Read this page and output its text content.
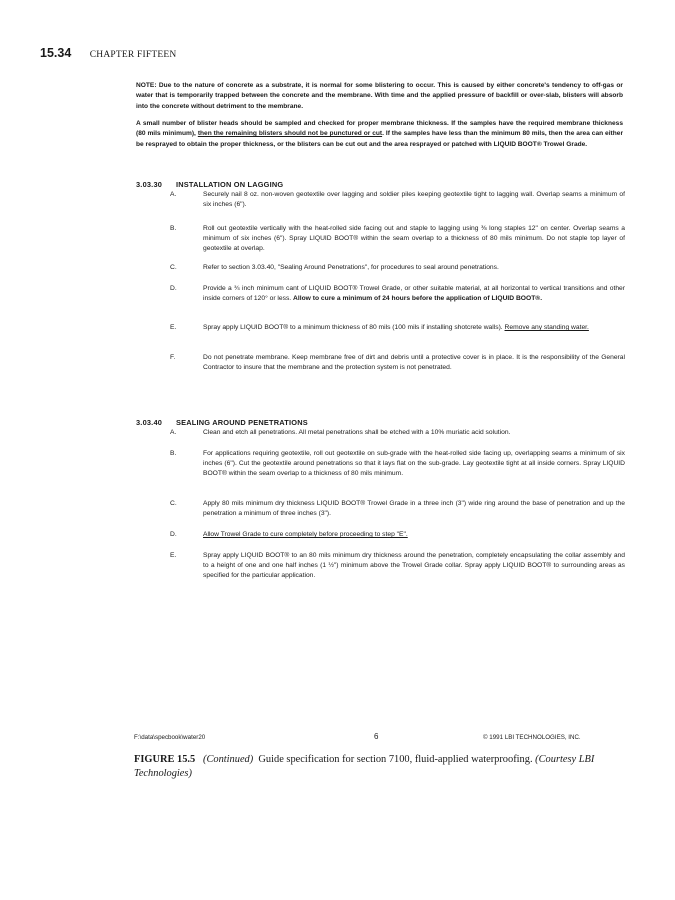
15.34 CHAPTER FIFTEEN
NOTE: Due to the nature of concrete as a substrate, it is normal for some blistering to occur. This is caused by either concrete's tendency to off-gas or water that is temporarily trapped between the concrete and the membrane. With time and the applied pressure of backfill or over-slab, blisters will absorb into the concrete without detriment to the membrane.
A small number of blister heads should be sampled and checked for proper membrane thickness. If the samples have the required membrane thickness (80 mils minimum), then the remaining blisters should not be punctured or cut. If the samples have less than the minimum 80 mils, then the area can either be resprayed to obtain the proper thickness, or the blisters can be cut out and the area resprayed or patched with LIQUID BOOT® Trowel Grade.
3.03.30 INSTALLATION ON LAGGING
A.	Securely nail 8 oz. non-woven geotextile over lagging and soldier piles keeping geotextile tight to lagging wall. Overlap seams a minimum of six inches (6").
B.	Roll out geotextile vertically with the heat-rolled side facing out and staple to lagging using ⅜ long staples 12" on center. Overlap seams a minimum of six inches (6"). Spray LIQUID BOOT® within the seam overlap to a thickness of 80 mils minimum. Do not staple top layer of geotextile at overlap.
C.	Refer to section 3.03.40, "Sealing Around Penetrations", for procedures to seal around penetrations.
D.	Provide a ¾ inch minimum cant of LIQUID BOOT® Trowel Grade, or other suitable material, at all horizontal to vertical transitions and other inside corners of 120° or less. Allow to cure a minimum of 24 hours before the application of LIQUID BOOT®.
E.	Spray apply LIQUID BOOT® to a minimum thickness of 80 mils (100 mils if installing shotcrete walls). Remove any standing water.
F.	Do not penetrate membrane. Keep membrane free of dirt and debris until a protective cover is in place. It is the responsibility of the General Contractor to insure that the membrane and the protection system is not penetrated.
3.03.40 SEALING AROUND PENETRATIONS
A.	Clean and etch all penetrations. All metal penetrations shall be etched with a 10% muriatic acid solution.
B.	For applications requiring geotextile, roll out geotextile on sub-grade with the heat-rolled side facing up, overlapping seams a minimum of six inches (6"). Cut the geotextile around penetrations so that it lays flat on the sub-grade. Lay geotextile tight at all inside corners. Spray LIQUID BOOT® within the seam overlap to a thickness of 80 mils minimum.
C.	Apply 80 mils minimum dry thickness LIQUID BOOT® Trowel Grade in a three inch (3") wide ring around the base of penetration and up the penetration a minimum of three inches (3").
D.	Allow Trowel Grade to cure completely before proceeding to step "E".
E.	Spray apply LIQUID BOOT® to an 80 mils minimum dry thickness around the penetration, completely encapsulating the collar assembly and to a height of one and one half inches (1 ½") minimum above the Trowel Grade collar. Spray apply LIQUID BOOT® to surrounding areas as specified for the particular application.
F:\data\specbook\water20	6	© 1991 LBI TECHNOLOGIES, INC.
FIGURE 15.5 (Continued) Guide specification for section 7100, fluid-applied waterproofing. (Courtesy LBI Technologies)
